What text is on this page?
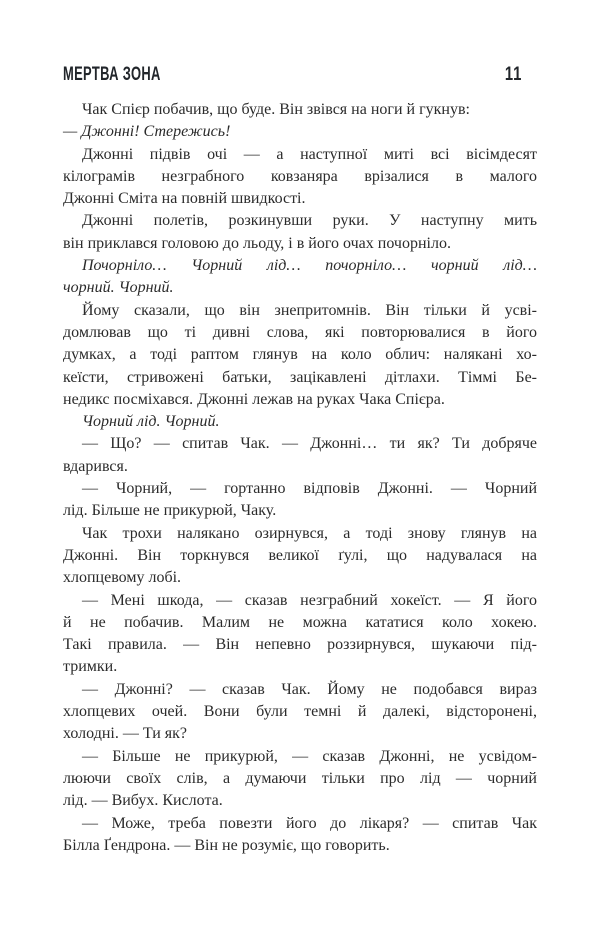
МЕРТВА ЗОНА	11
Чак Спієр побачив, що буде. Він звівся на ноги й гукнув:
— Джонні! Стережись!
Джонні підвів очі — а наступної миті всі вісімдесят
кілограмів незграбного ковзаняра врізалися в малого
Джонні Сміта на повній швидкості.
Джонні полетів, розкинувши руки. У наступну мить
він приклався головою до льоду, і в його очах почорніло.
Почорніло… Чорний лід… почорніло… чорний лід…
чорний. Чорний.
Йому сказали, що він знепритомнів. Він тільки й усві-
домлював що ті дивні слова, які повторювалися в його
думках, а тоді раптом глянув на коло облич: налякані хо-
кеїсти, стривожені батьки, зацікавлені дітлахи. Тіммі Бе-
недикс посміхався. Джонні лежав на руках Чака Спієра.
Чорний лід. Чорний.
— Що? — спитав Чак. — Джонні… ти як? Ти добряче
вдарився.
— Чорний, — гортанно відповів Джонні. — Чорний
лід. Більше не прикурюй, Чаку.
Чак трохи налякано озирнувся, а тоді знову глянув на
Джонні. Він торкнувся великої ґулі, що надувалася на
хлопцевому лобі.
— Мені шкода, — сказав незграбний хокеїст. — Я його
й не побачив. Малим не можна кататися коло хокею.
Такі правила. — Він непевно роззирнувся, шукаючи під-
тримки.
— Джонні? — сказав Чак. Йому не подобався вираз
хлопцевих очей. Вони були темні й далекі, відсторонені,
холодні. — Ти як?
— Більше не прикурюй, — сказав Джонні, не усвідом-
люючи своїх слів, а думаючи тільки про лід — чорний
лід. — Вибух. Кислота.
— Може, треба повезти його до лікаря? — спитав Чак
Білла Ґендрона. — Він не розуміє, що говорить.
